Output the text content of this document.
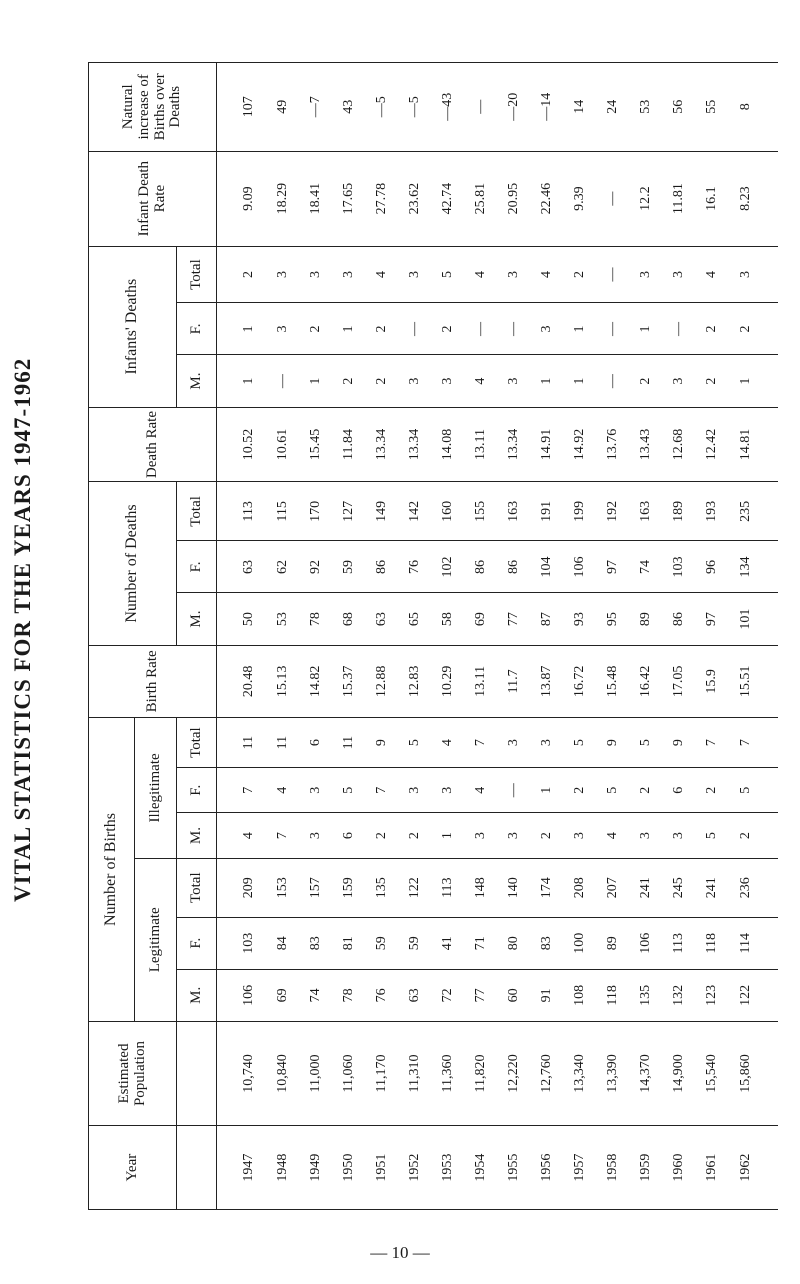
VITAL STATISTICS FOR THE YEARS 1947-1962
Year	Estimated Population	Number of Births						Birth Rate	Number of Deaths			Death Rate	Infants' Deaths			Infant Death Rate	Natural increase of Births over Deaths
		Legitimate			Illegitimate												
		M.	F.	Total	M.	F.	Total		M.	F.	Total		M.	F.	Total		
1947	10,740	106	103	209	4	7	11	20.48	50	63	113	10.52	1	1	2	9.09	107
1948	10,840	69	84	153	7	4	11	15.13	53	62	115	10.61	—	3	3	18.29	49
1949	11,000	74	83	157	3	3	6	14.82	78	92	170	15.45	1	2	3	18.41	—7
1950	11,060	78	81	159	6	5	11	15.37	68	59	127	11.84	2	1	3	17.65	43
1951	11,170	76	59	135	2	7	9	12.88	63	86	149	13.34	2	2	4	27.78	—5
1952	11,310	63	59	122	2	3	5	12.83	65	76	142	13.34	3	—	3	23.62	—5
1953	11,360	72	41	113	1	3	4	10.29	58	102	160	14.08	3	2	5	42.74	—43
1954	11,820	77	71	148	3	4	7	13.11	69	86	155	13.11	4	—	4	25.81	—
1955	12,220	60	80	140	3	—	3	11.7	77	86	163	13.34	3	—	3	20.95	—20
1956	12,760	91	83	174	2	1	3	13.87	87	104	191	14.91	1	3	4	22.46	—14
1957	13,340	108	100	208	3	2	5	16.72	93	106	199	14.92	1	1	2	9.39	14
1958	13,390	118	89	207	4	5	9	15.48	95	97	192	13.76	—	—	—	—	24
1959	14,370	135	106	241	3	2	5	16.42	89	74	163	13.43	2	1	3	12.2	53
1960	14,900	132	113	245	3	6	9	17.05	86	103	189	12.68	3	—	3	11.81	56
1961	15,540	123	118	241	5	2	7	15.9	97	96	193	12.42	2	2	4	16.1	55
1962	15,860	122	114	236	2	5	7	15.51	101	134	235	14.81	1	2	3	8.23	8
— 10 —
